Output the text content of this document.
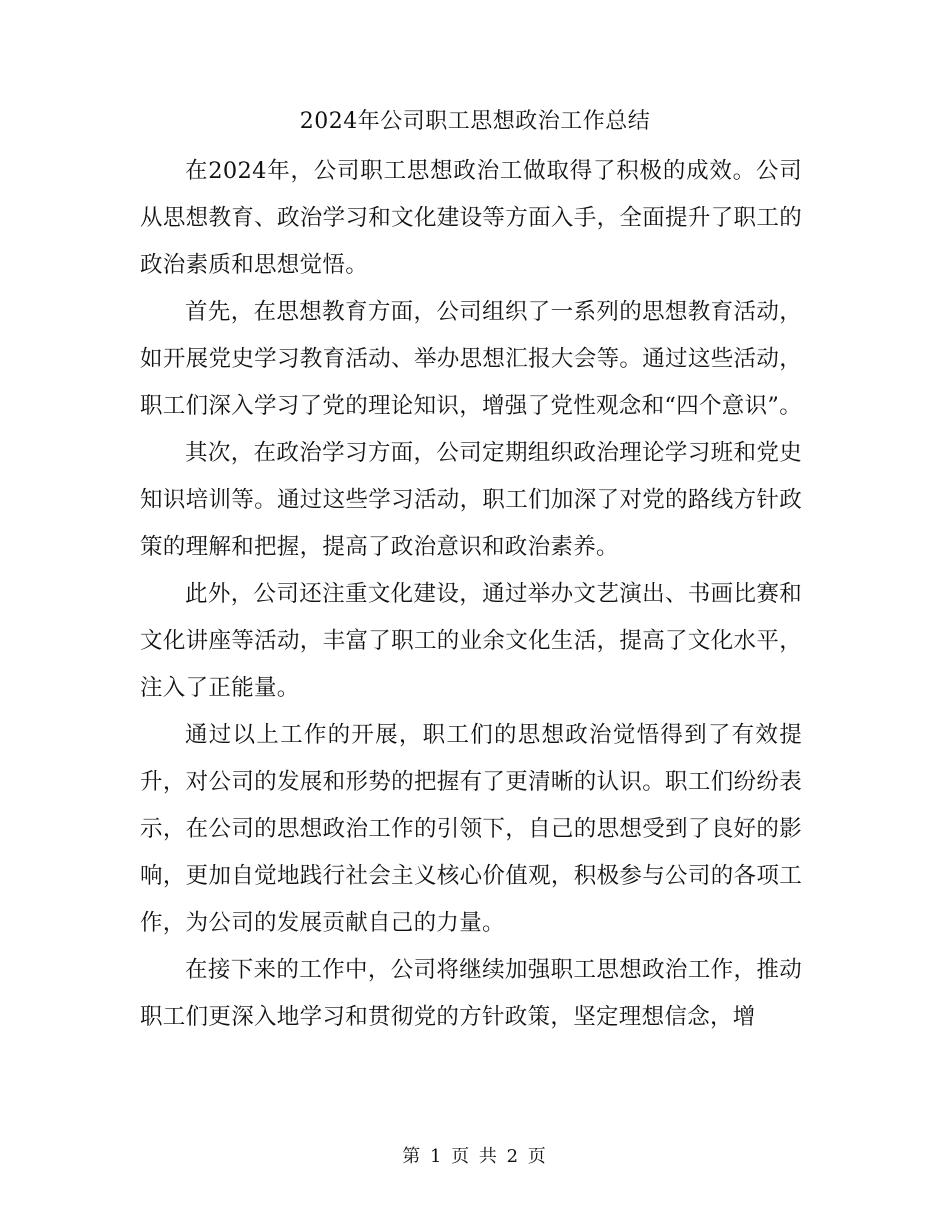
2024年公司职工思想政治工作总结

在2024年，公司职工思想政治工做取得了积极的成效。公司从思想教育、政治学习和文化建设等方面入手，全面提升了职工的政治素质和思想觉悟。

首先，在思想教育方面，公司组织了一系列的思想教育活动，如开展党史学习教育活动、举办思想汇报大会等。通过这些活动，职工们深入学习了党的理论知识，增强了党性观念和“四个意识”。

其次，在政治学习方面，公司定期组织政治理论学习班和党史知识培训等。通过这些学习活动，职工们加深了对党的路线方针政策的理解和把握，提高了政治意识和政治素养。

此外，公司还注重文化建设，通过举办文艺演出、书画比赛和文化讲座等活动，丰富了职工的业余文化生活，提高了文化水平，注入了正能量。

通过以上工作的开展，职工们的思想政治觉悟得到了有效提升，对公司的发展和形势的把握有了更清晰的认识。职工们纷纷表示，在公司的思想政治工作的引领下，自己的思想受到了良好的影响，更加自觉地践行社会主义核心价值观，积极参与公司的各项工作，为公司的发展贡献自己的力量。

在接下来的工作中，公司将继续加强职工思想政治工作，推动职工们更深入地学习和贯彻党的方针政策，坚定理想信念，增

第 1 页 共 2 页
